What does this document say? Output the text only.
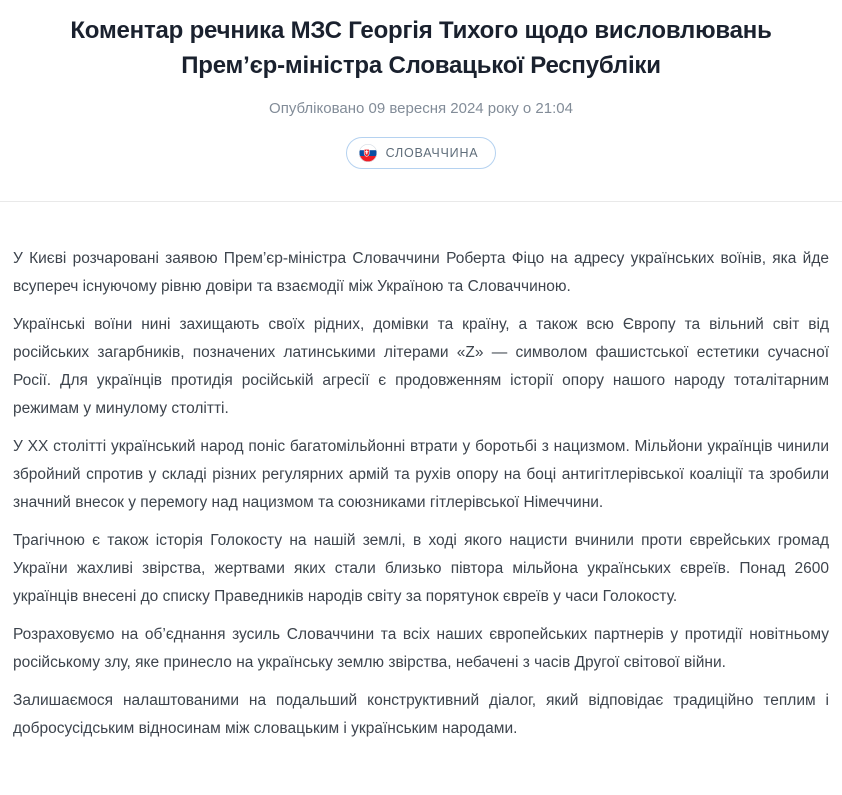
Коментар речника МЗС Георгія Тихого щодо висловлювань Прем’єр-міністра Словацької Республіки
Опубліковано 09 вересня 2024 року о 21:04
СЛОВАЧЧИНА

У Києві розчаровані заявою Прем’єр-міністра Словаччини Роберта Фіцо на адресу українських воїнів, яка йде всупереч існуючому рівню довіри та взаємодії між Україною та Словаччиною.

Українські воїни нині захищають своїх рідних, домівки та країну, а також всю Європу та вільний світ від російських загарбників, позначених латинськими літерами «Z» — символом фашистської естетики сучасної Росії. Для українців протидія російській агресії є продовженням історії опору нашого народу тоталітарним режимам у минулому столітті.

У ХХ столітті український народ поніс багатомільйонні втрати у боротьбі з нацизмом. Мільйони українців чинили збройний спротив у складі різних регулярних армій та рухів опору на боці антигітлерівської коаліції та зробили значний внесок у перемогу над нацизмом та союзниками гітлерівської Німеччини.

Трагічною є також історія Голокосту на нашій землі, в ході якого нацисти вчинили проти єврейських громад України жахливі звірства, жертвами яких стали близько півтора мільйона українських євреїв. Понад 2600 українців внесені до списку Праведників народів світу за порятунок євреїв у часи Голокосту.

Розраховуємо на об’єднання зусиль Словаччини та всіх наших європейських партнерів у протидії новітньому російському злу, яке принесло на українську землю звірства, небачені з часів Другої світової війни.

Залишаємося налаштованими на подальший конструктивний діалог, який відповідає традиційно теплим і добросусідським відносинам між словацьким і українським народами.
